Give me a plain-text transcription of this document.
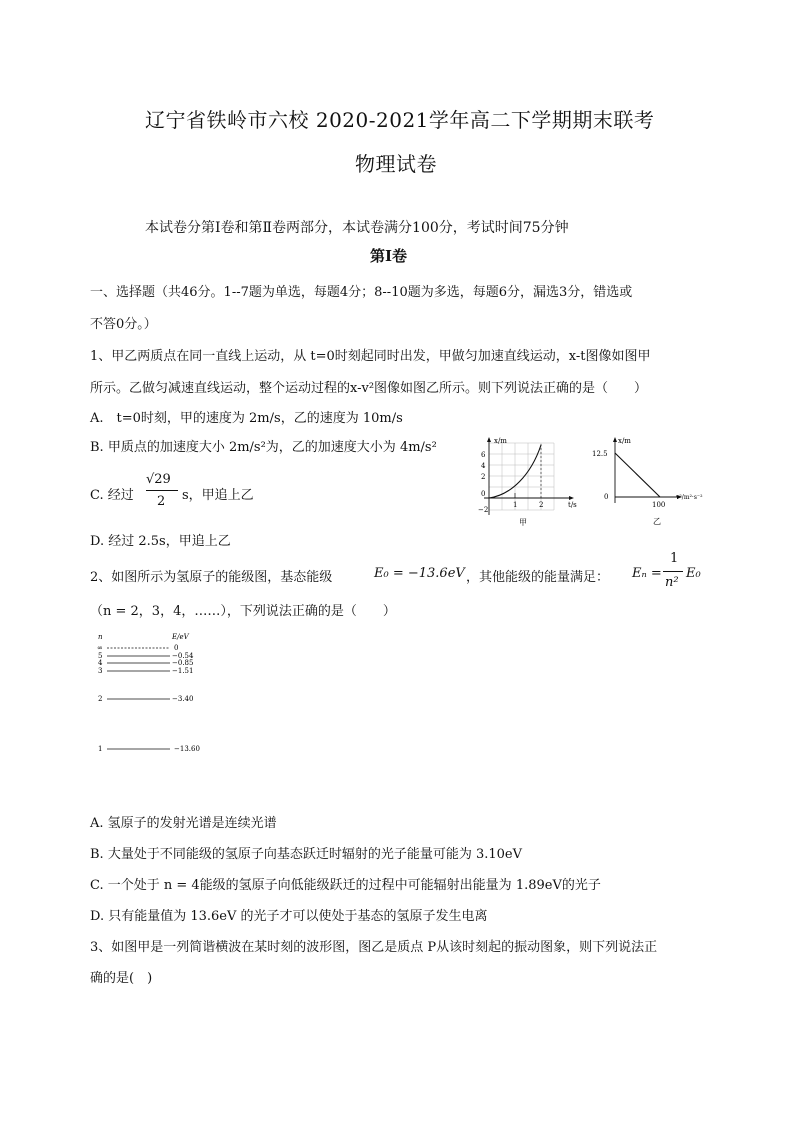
辽宁省铁岭市六校 2020-2021学年高二下学期期末联考
物理试卷
本试卷分第Ⅰ卷和第Ⅱ卷两部分，本试卷满分100分，考试时间75分钟
第Ⅰ卷
一、选择题（共46分。1--7题为单选，每题4分；8--10题为多选，每题6分，漏选3分，错选或
不答0分。）
1、甲乙两质点在同一直线上运动，从 t=0时刻起同时出发，甲做匀加速直线运动，x-t图像如图甲
所示。乙做匀减速直线运动，整个运动过程的x-v²图像如图乙所示。则下列说法正确的是（　　）
A.　t=0时刻，甲的速度为 2m/s，乙的速度为 10m/s
B. 甲质点的加速度大小 2m/s²为，乙的加速度大小为 4m/s²
C. 经过
√29
2 s，甲追上乙
D. 经过 2.5s，甲追上乙
x/m
t/s
6
4
2
0
−2
1	2
甲
x/m
12.5
0
100
v²/m²·s⁻²
乙
2、如图所示为氢原子的能级图，基态能级	E₀ = −13.6eV ，其他能级的能量满足： Eₙ =
1
n²
E₀
（n = 2，3，4，……），下列说法正确的是（　　）
n	E/eV
∞	0
5	−0.54
4	−0.85
3	−1.51
2	−3.40
1	−13.60
A. 氢原子的发射光谱是连续光谱
B. 大量处于不同能级的氢原子向基态跃迁时辐射的光子能量可能为 3.10eV
C. 一个处于 n = 4能级的氢原子向低能级跃迁的过程中可能辐射出能量为 1.89eV的光子
D. 只有能量值为 13.6eV 的光子才可以使处于基态的氢原子发生电离
3、如图甲是一列简谐横波在某时刻的波形图，图乙是质点 P从该时刻起的振动图象，则下列说法正
确的是(　)
